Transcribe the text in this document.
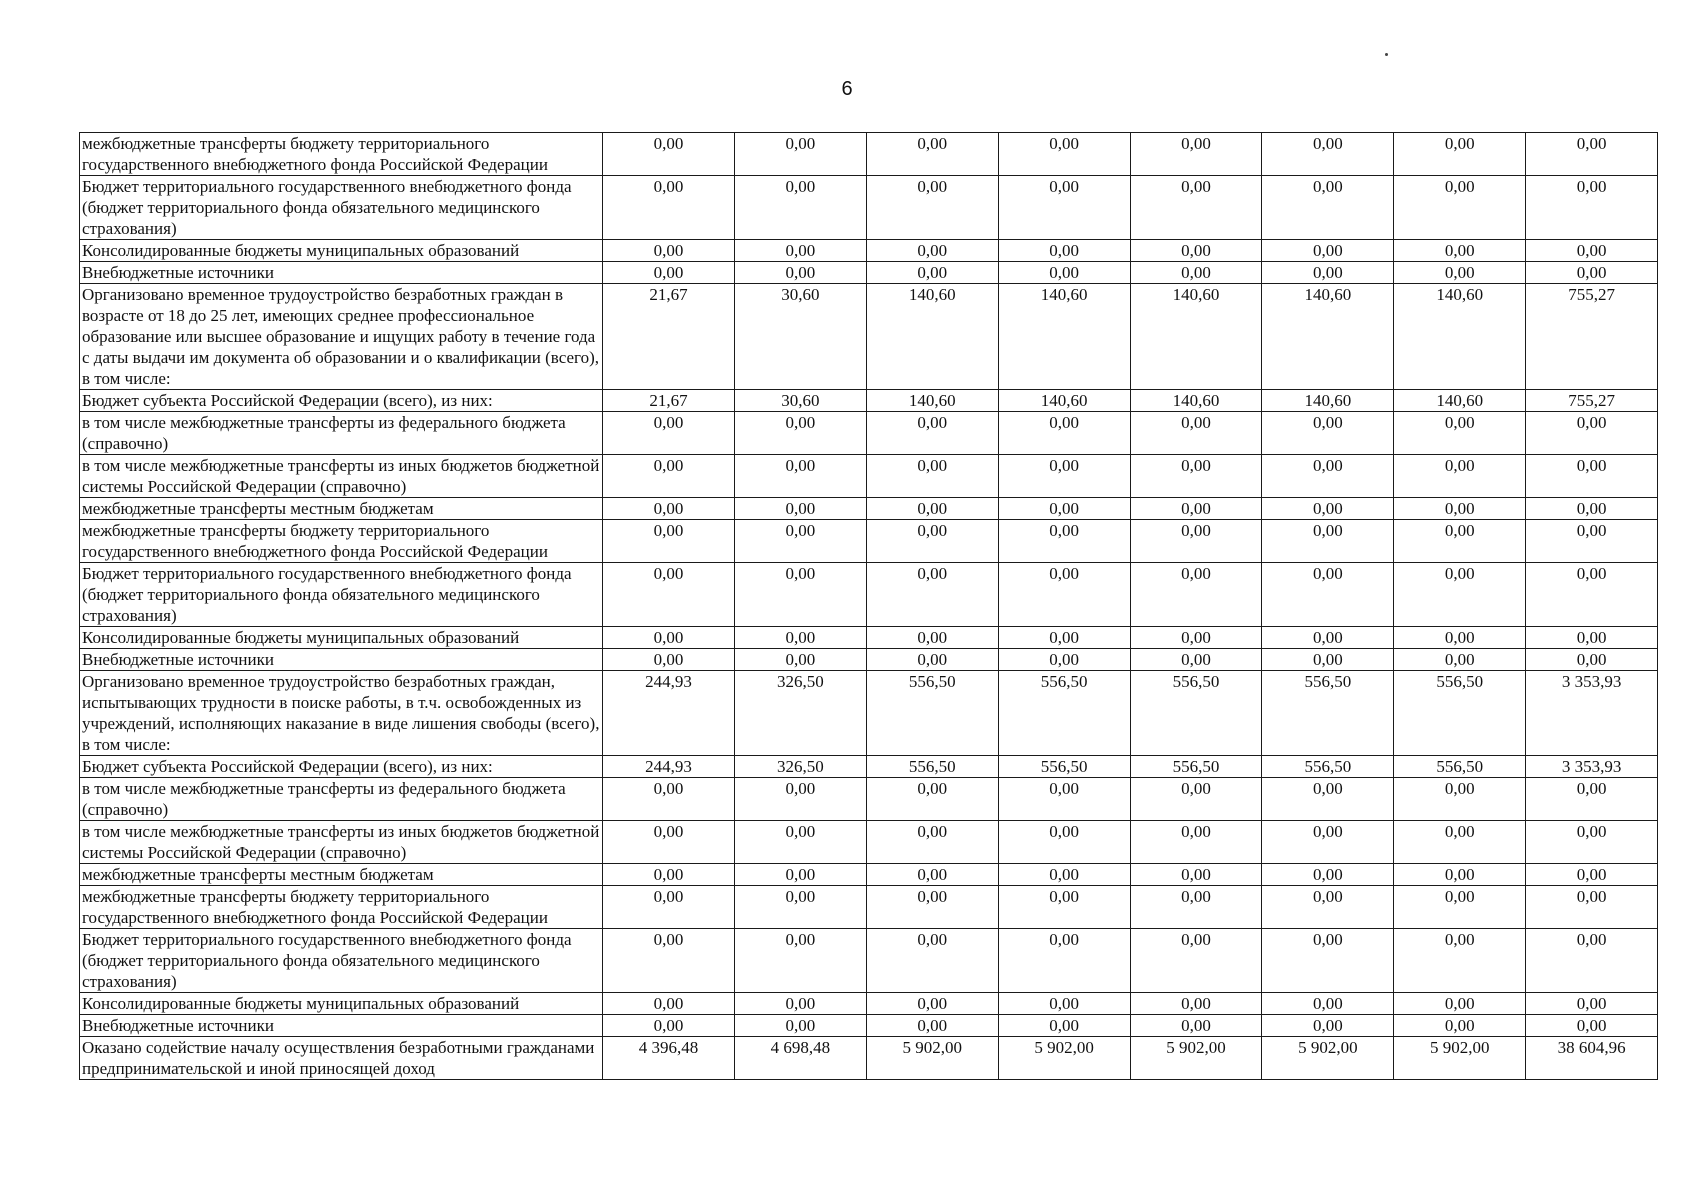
6
межбюджетные трансферты бюджету территориального государственного внебюджетного фонда Российской Федерации	0,00	0,00	0,00	0,00	0,00	0,00	0,00	0,00
Бюджет территориального государственного внебюджетного фонда (бюджет территориального фонда обязательного медицинского страхования)	0,00	0,00	0,00	0,00	0,00	0,00	0,00	0,00
Консолидированные бюджеты муниципальных образований	0,00	0,00	0,00	0,00	0,00	0,00	0,00	0,00
Внебюджетные источники	0,00	0,00	0,00	0,00	0,00	0,00	0,00	0,00
Организовано временное трудоустройство безработных граждан в возрасте от 18 до 25 лет, имеющих среднее профессиональное образование или высшее образование и ищущих работу в течение года с даты выдачи им документа об образовании и о квалификации (всего), в том числе:	21,67	30,60	140,60	140,60	140,60	140,60	140,60	755,27
Бюджет субъекта Российской Федерации (всего), из них:	21,67	30,60	140,60	140,60	140,60	140,60	140,60	755,27
в том числе межбюджетные трансферты из федерального бюджета (справочно)	0,00	0,00	0,00	0,00	0,00	0,00	0,00	0,00
в том числе межбюджетные трансферты из иных бюджетов бюджетной системы Российской Федерации (справочно)	0,00	0,00	0,00	0,00	0,00	0,00	0,00	0,00
межбюджетные трансферты местным бюджетам	0,00	0,00	0,00	0,00	0,00	0,00	0,00	0,00
межбюджетные трансферты бюджету территориального государственного внебюджетного фонда Российской Федерации	0,00	0,00	0,00	0,00	0,00	0,00	0,00	0,00
Бюджет территориального государственного внебюджетного фонда (бюджет территориального фонда обязательного медицинского страхования)	0,00	0,00	0,00	0,00	0,00	0,00	0,00	0,00
Консолидированные бюджеты муниципальных образований	0,00	0,00	0,00	0,00	0,00	0,00	0,00	0,00
Внебюджетные источники	0,00	0,00	0,00	0,00	0,00	0,00	0,00	0,00
Организовано временное трудоустройство безработных граждан, испытывающих трудности в поиске работы, в т.ч. освобожденных из учреждений, исполняющих наказание в виде лишения свободы (всего), в том числе:	244,93	326,50	556,50	556,50	556,50	556,50	556,50	3 353,93
Бюджет субъекта Российской Федерации (всего), из них:	244,93	326,50	556,50	556,50	556,50	556,50	556,50	3 353,93
в том числе межбюджетные трансферты из федерального бюджета (справочно)	0,00	0,00	0,00	0,00	0,00	0,00	0,00	0,00
в том числе межбюджетные трансферты из иных бюджетов бюджетной системы Российской Федерации (справочно)	0,00	0,00	0,00	0,00	0,00	0,00	0,00	0,00
межбюджетные трансферты местным бюджетам	0,00	0,00	0,00	0,00	0,00	0,00	0,00	0,00
межбюджетные трансферты бюджету территориального государственного внебюджетного фонда Российской Федерации	0,00	0,00	0,00	0,00	0,00	0,00	0,00	0,00
Бюджет территориального государственного внебюджетного фонда (бюджет территориального фонда обязательного медицинского страхования)	0,00	0,00	0,00	0,00	0,00	0,00	0,00	0,00
Консолидированные бюджеты муниципальных образований	0,00	0,00	0,00	0,00	0,00	0,00	0,00	0,00
Внебюджетные источники	0,00	0,00	0,00	0,00	0,00	0,00	0,00	0,00
Оказано содействие началу осуществления безработными гражданами предпринимательской и иной приносящей доход	4 396,48	4 698,48	5 902,00	5 902,00	5 902,00	5 902,00	5 902,00	38 604,96
